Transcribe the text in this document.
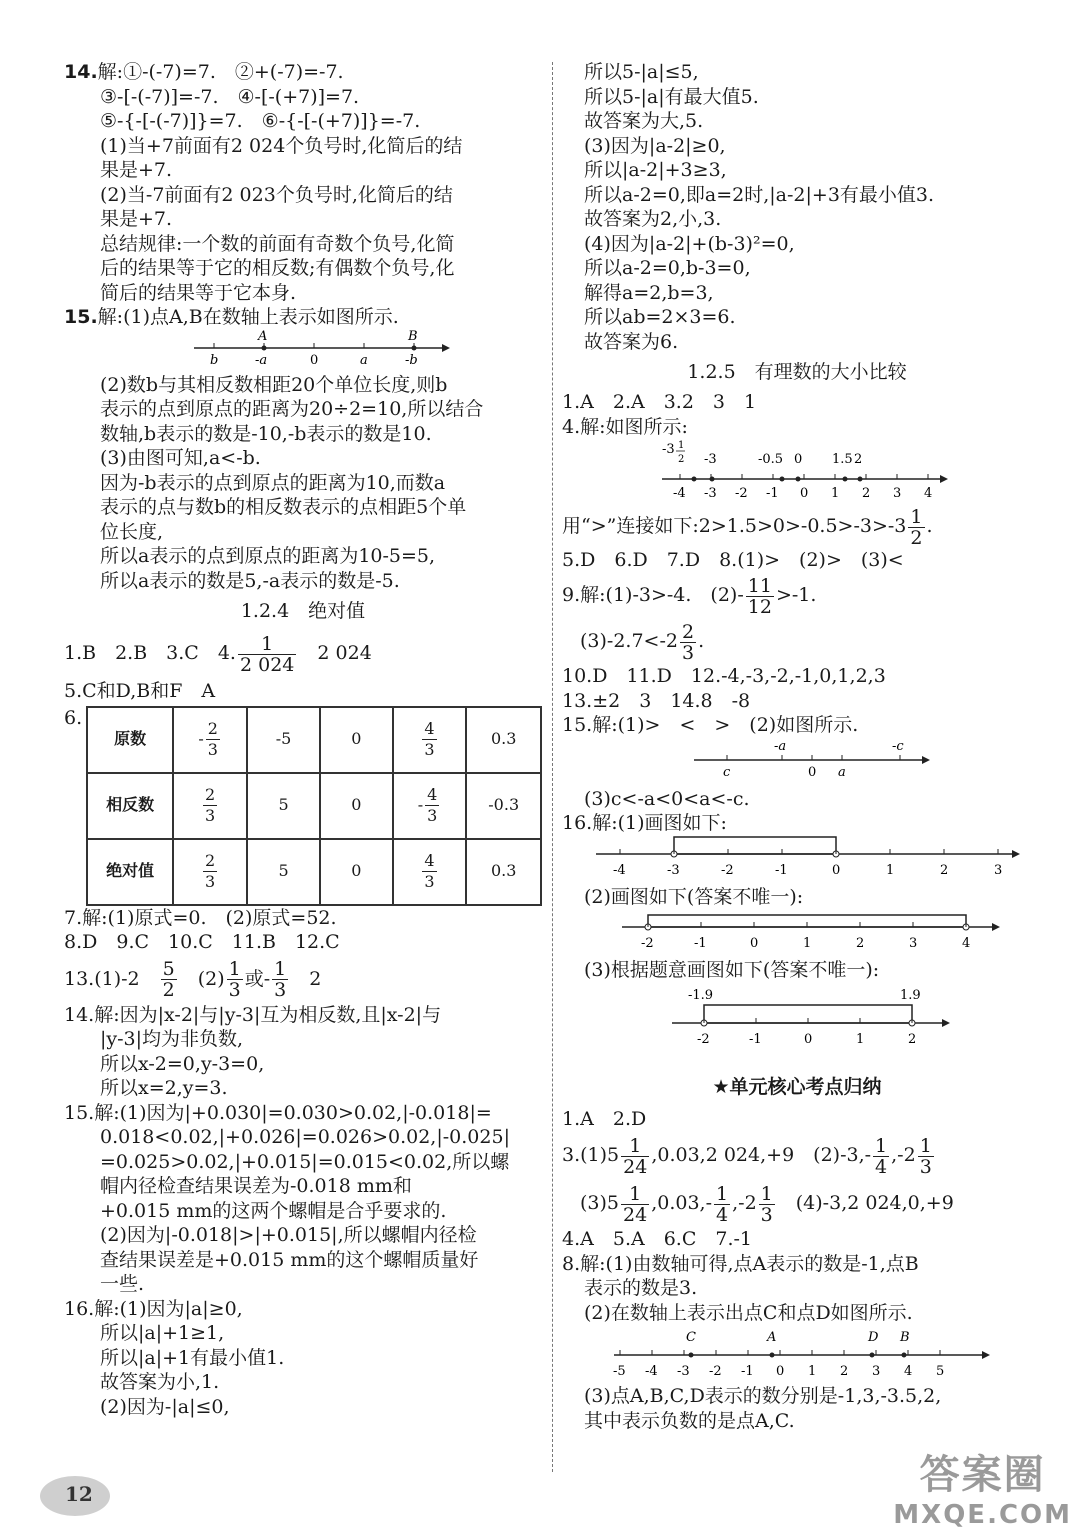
14.解:①-(-7)=7.　②+(-7)=-7.
③-[-(-7)]=-7.　④-[-(+7)]=7.
⑤-{-[-(-7)]}=7.　⑥-{-[-(+7)]}=-7.
(1)当+7前面有2 024个负号时,化简后的结
果是+7.
(2)当-7前面有2 023个负号时,化简后的结
果是+7.
总结规律:一个数的前面有奇数个负号,化简
后的结果等于它的相反数;有偶数个负号,化
简后的结果等于它本身.
15.解:(1)点A,B在数轴上表示如图所示.
A	B
b	-a	0	a	-b
(2)数b与其相反数相距20个单位长度,则b
表示的点到原点的距离为20÷2=10,所以结合
数轴,b表示的数是-10,-b表示的数是10.
(3)由图可知,a<-b.
因为-b表示的点到原点的距离为10,而数a
表示的点与数b的相反数表示的点相距5个单
位长度,
所以a表示的点到原点的距离为10-5=5,
所以a表示的数是5,-a表示的数是-5.
1.2.4　绝对值
1.B　2.B　3.C　4. $\frac{1}{2 024}$ 　2 024
5.C和D,B和F　A
6.
原数	- $\frac{2}{3}$	-5	0	$\frac{4}{3}$	0.3
相反数	$\frac{2}{3}$	5	0	- $\frac{4}{3}$	-0.3
绝对值	$\frac{2}{3}$	5	0	$\frac{4}{3}$	0.3
7.解:(1)原式=0.　(2)原式=52.
8.D　9.C　10.C　11.B　12.C
13.(1)-2　 $\frac{5}{2}$ 　$(2) \frac{1}{3}$ 或- $\frac{1}{3}$ 　2
14.解:因为|x-2|与|y-3|互为相反数,且|x-2|与
|y-3|均为非负数,
所以x-2=0,y-3=0,
所以x=2,y=3.
15.解:(1)因为|+0.030|=0.030>0.02,|-0.018|=
0.018<0.02,|+0.026|=0.026>0.02,|-0.025|
=0.025>0.02,|+0.015|=0.015<0.02,所以螺
帽内径检查结果误差为-0.018 mm和
+0.015 mm的这两个螺帽是合乎要求的.
(2)因为|-0.018|>|+0.015|,所以螺帽内径检
查结果误差是+0.015 mm的这个螺帽质量好
一些.
16.解:(1)因为|a|≥0,
所以|a|+1≥1,
所以|a|+1有最小值1.
故答案为小,1.
(2)因为-|a|≤0,
所以5-|a|≤5,
所以5-|a|有最大值5.
故答案为大,5.
(3)因为|a-2|≥0,
所以|a-2|+3≥3,
所以a-2=0,即a=2时,|a-2|+3有最小值3.
故答案为2,小,3.
(4)因为|a-2|+(b-3)²=0,
所以a-2=0,b-3=0,
解得a=2,b=3,
所以ab=2×3=6.
故答案为6.
1.2.5　有理数的大小比较
1.A　2.A　3.2　3　1
4.解:如图所示:
-4 -3 -2 -1 0 1 2 3 4
-3 1
2 -3	-0.5 0 1.5 2
用“>”连接如下:2>1.5>0>-0.5>-3>-3 $\frac{1}{2}$ .
5.D　6.D　7.D　8.(1)>　(2)>　(3)<
9.解:(1)-3>-4.　$(2)- \frac{11}{12} >-1$.
$(3)-2.7<-2 \frac{2}{3}$ .
10.D　11.D　12.-4,-3,-2,-1,0,1,2,3
13.±2　3　14.8　-8
15.解:(1)>　<　>　(2)如图所示.
-a	-c
c	0 a
(3)c<-a<0<a<-c.
16.解:(1)画图如下:
-4	-3	-2	-1	0	1	2	3
(2)画图如下(答案不唯一):
-2	-1	0	1	2	3	4
(3)根据题意画图如下(答案不唯一):
-1.9	1.9
-2	-1	0	1	2
★单元核心考点归纳
1.A　2.D
$3.(1)5 \frac{1}{24} ,0.03,2$ 024,+9　$(2)-3,- \frac{1}{4} ,-2 \frac{1}{3}$
$(3)5 \frac{1}{24} ,0.03,- \frac{1}{4} ,-2 \frac{1}{3}$ 　(4)-3,2 024,0,+9
4.A　5.A　6.C　7.-1
8.解:(1)由数轴可得,点A表示的数是-1,点B
表示的数是3.
(2)在数轴上表示出点C和点D如图所示.
-5 -4 -3 -2 -1 0 1 2 3 4 5
C	A	D B
(3)点A,B,C,D表示的数分别是-1,3,-3.5,2,
其中表示负数的是点A,C.
12	答案圈
MXQE.COM
